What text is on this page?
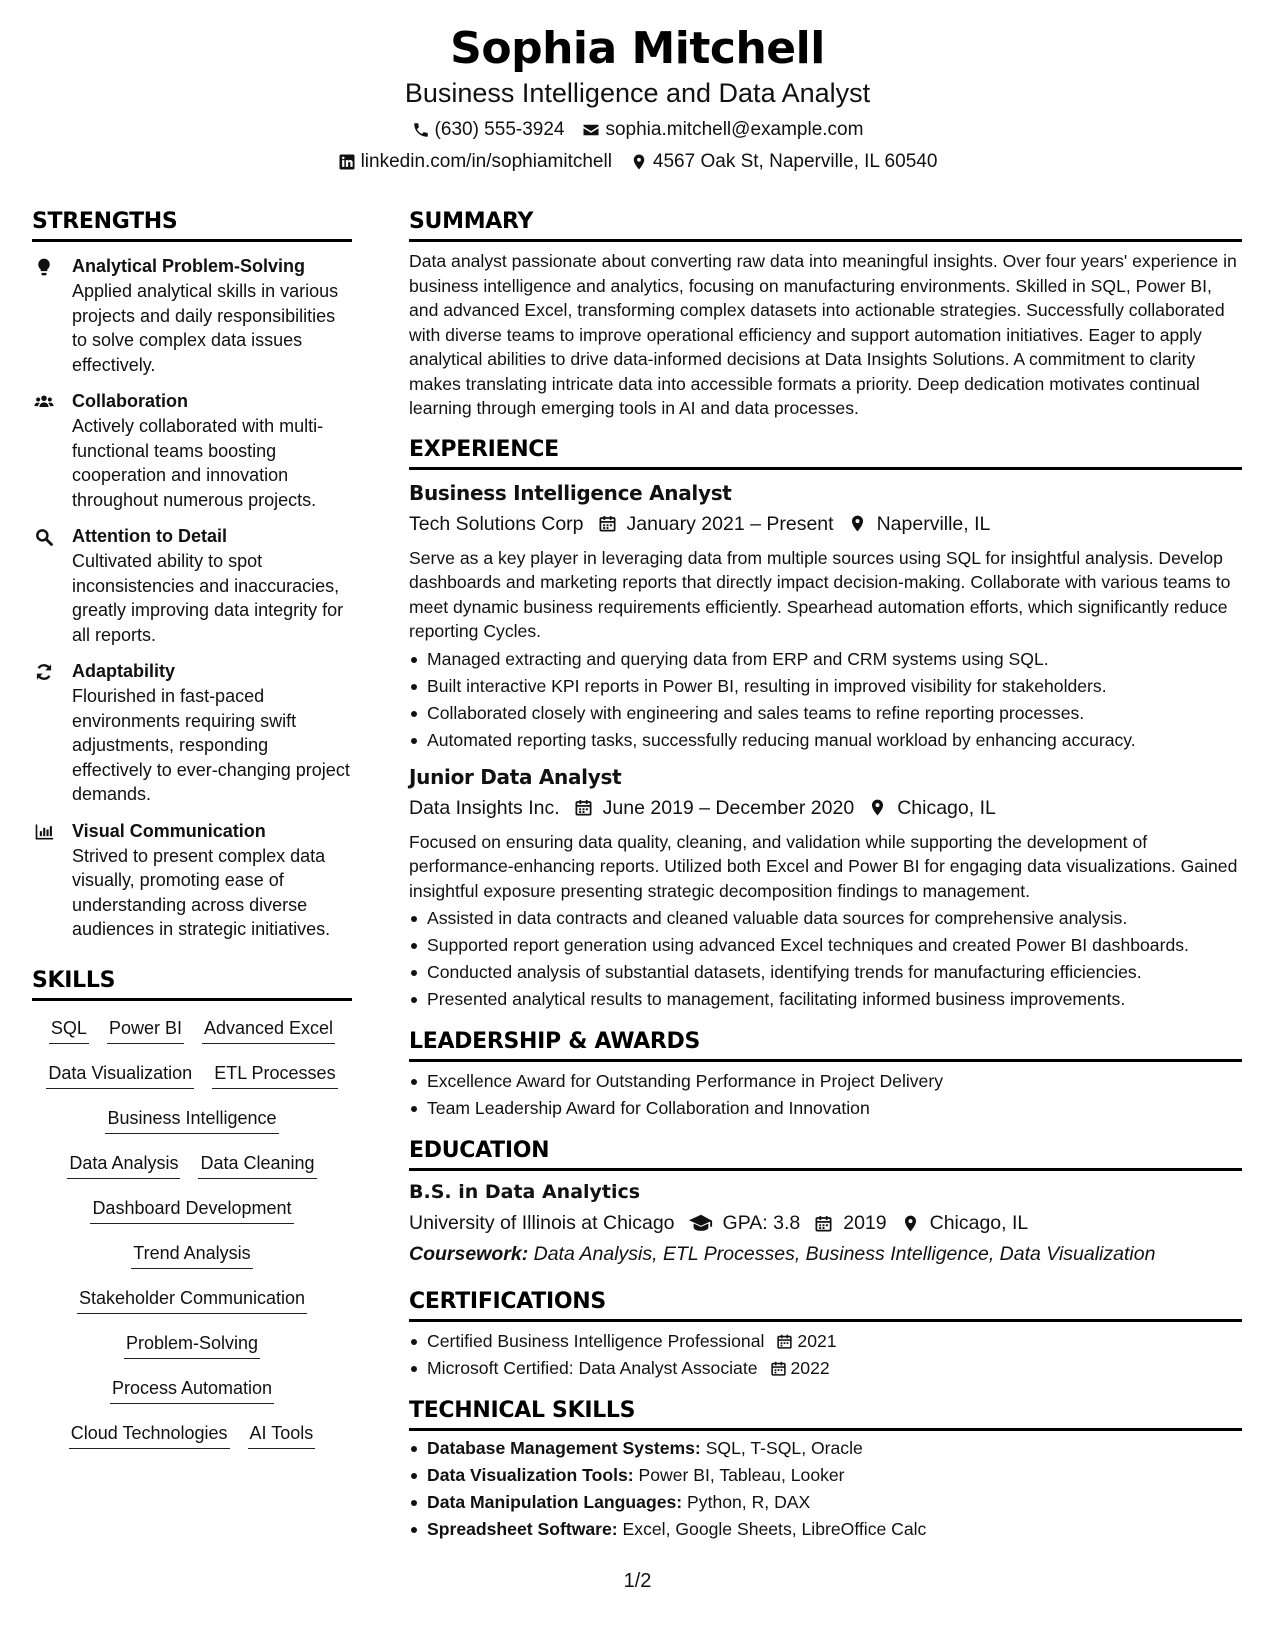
Sophia Mitchell
Business Intelligence and Data Analyst
(630) 555-3924 sophia.mitchell@example.com
linkedin.com/in/sophiamitchell 4567 Oak St, Naperville, IL 60540
STRENGTHS
Analytical Problem-Solving
Applied analytical skills in various projects and daily responsibilities to solve complex data issues effectively.
Collaboration
Actively collaborated with multi-functional teams boosting cooperation and innovation throughout numerous projects.
Attention to Detail
Cultivated ability to spot inconsistencies and inaccuracies, greatly improving data integrity for all reports.
Adaptability
Flourished in fast-paced environments requiring swift adjustments, responding effectively to ever-changing project demands.
Visual Communication
Strived to present complex data visually, promoting ease of understanding across diverse audiences in strategic initiatives.
SKILLS
SQL Power BI Advanced Excel
Data Visualization ETL Processes
Business Intelligence
Data Analysis Data Cleaning
Dashboard Development
Trend Analysis
Stakeholder Communication
Problem-Solving
Process Automation
Cloud Technologies AI Tools
SUMMARY
Data analyst passionate about converting raw data into meaningful insights. Over four years' experience in business intelligence and analytics, focusing on manufacturing environments. Skilled in SQL, Power BI, and advanced Excel, transforming complex datasets into actionable strategies. Successfully collaborated with diverse teams to improve operational efficiency and support automation initiatives. Eager to apply analytical abilities to drive data-informed decisions at Data Insights Solutions. A commitment to clarity makes translating intricate data into accessible formats a priority. Deep dedication motivates continual learning through emerging tools in AI and data processes.
EXPERIENCE
Business Intelligence Analyst
Tech Solutions Corp January 2021 – Present Naperville, IL
Serve as a key player in leveraging data from multiple sources using SQL for insightful analysis. Develop dashboards and marketing reports that directly impact decision-making. Collaborate with various teams to meet dynamic business requirements efficiently. Spearhead automation efforts, which significantly reduce reporting Cycles.
Managed extracting and querying data from ERP and CRM systems using SQL.
Built interactive KPI reports in Power BI, resulting in improved visibility for stakeholders.
Collaborated closely with engineering and sales teams to refine reporting processes.
Automated reporting tasks, successfully reducing manual workload by enhancing accuracy.
Junior Data Analyst
Data Insights Inc. June 2019 – December 2020 Chicago, IL
Focused on ensuring data quality, cleaning, and validation while supporting the development of performance-enhancing reports. Utilized both Excel and Power BI for engaging data visualizations. Gained insightful exposure presenting strategic decomposition findings to management.
Assisted in data contracts and cleaned valuable data sources for comprehensive analysis.
Supported report generation using advanced Excel techniques and created Power BI dashboards.
Conducted analysis of substantial datasets, identifying trends for manufacturing efficiencies.
Presented analytical results to management, facilitating informed business improvements.
LEADERSHIP & AWARDS
Excellence Award for Outstanding Performance in Project Delivery
Team Leadership Award for Collaboration and Innovation
EDUCATION
B.S. in Data Analytics
University of Illinois at Chicago GPA: 3.8 2019 Chicago, IL
Coursework: Data Analysis, ETL Processes, Business Intelligence, Data Visualization
CERTIFICATIONS
Certified Business Intelligence Professional 2021
Microsoft Certified: Data Analyst Associate 2022
TECHNICAL SKILLS
Database Management Systems: SQL, T-SQL, Oracle
Data Visualization Tools: Power BI, Tableau, Looker
Data Manipulation Languages: Python, R, DAX
Spreadsheet Software: Excel, Google Sheets, LibreOffice Calc
1/2
